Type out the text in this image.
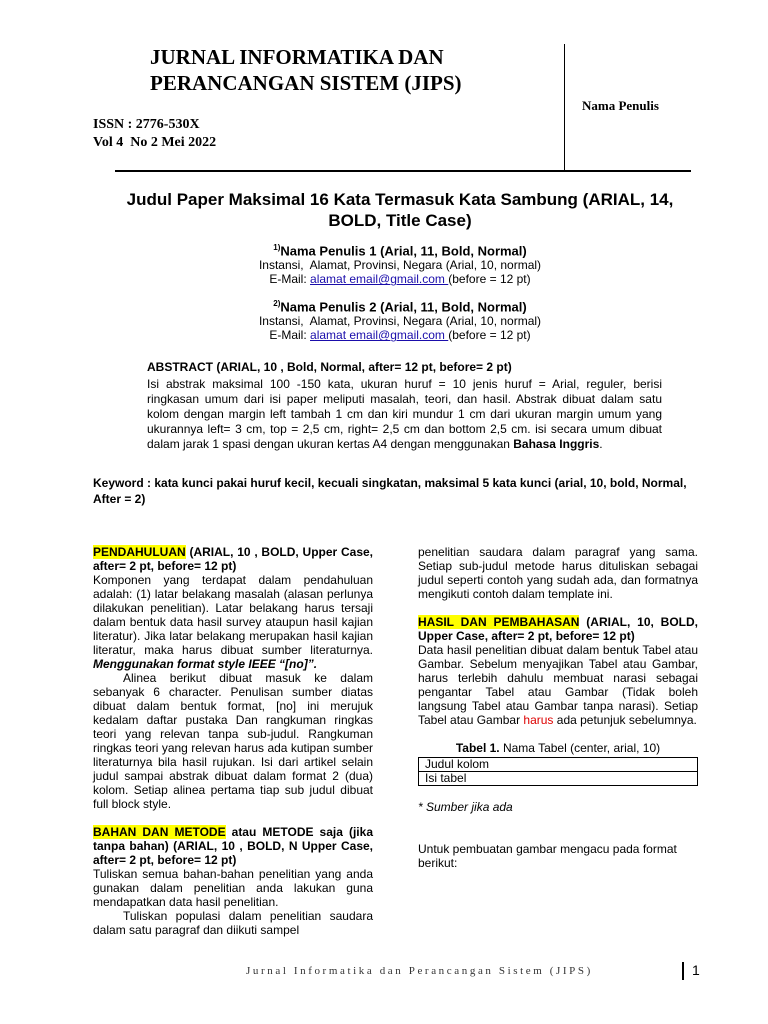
JURNAL INFORMATIKA DAN
PERANCANGAN SISTEM (JIPS)
ISSN : 2776-530X
Vol 4  No 2 Mei 2022
Nama Penulis
Judul Paper Maksimal 16 Kata Termasuk Kata Sambung (ARIAL, 14, BOLD, Title Case)
$^{1)}$Nama Penulis 1 (Arial, 11, Bold, Normal)
Instansi,  Alamat, Provinsi, Negara (Arial, 10, normal)
E-Mail: alamat email@gmail.com (before = 12 pt)
$^{2)}$Nama Penulis 2 (Arial, 11, Bold, Normal)
Instansi,  Alamat, Provinsi, Negara (Arial, 10, normal)
E-Mail: alamat email@gmail.com (before = 12 pt)
ABSTRACT (ARIAL, 10 , Bold, Normal, after= 12 pt, before= 2 pt)
Isi abstrak maksimal 100 -150 kata, ukuran huruf = 10 jenis huruf = Arial, reguler, berisi ringkasan umum dari isi paper meliputi masalah, teori, dan hasil. Abstrak dibuat dalam satu kolom dengan margin left tambah 1 cm dan kiri mundur 1 cm dari ukuran margin umum yang ukurannya left= 3 cm, top = 2,5 cm, right= 2,5 cm dan bottom 2,5 cm. isi secara umum dibuat dalam jarak 1 spasi dengan ukuran kertas A4 dengan menggunakan Bahasa Inggris.
Keyword : kata kunci pakai huruf kecil, kecuali singkatan, maksimal 5 kata kunci (arial, 10, bold, Normal, After = 2)

PENDAHULUAN (ARIAL, 10 , BOLD, Upper Case, after= 2 pt, before= 12 pt)

Komponen yang terdapat dalam pendahuluan adalah: (1) latar belakang masalah (alasan perlunya dilakukan penelitian). Latar belakang harus tersaji dalam bentuk data hasil survey ataupun hasil kajian literatur). Jika latar belakang merupakan hasil kajian literatur, maka harus dibuat sumber literaturnya. Menggunakan format style IEEE “[no]”.

Alinea berikut dibuat masuk ke dalam sebanyak 6 character. Penulisan sumber diatas dibuat dalam bentuk format, [no] ini merujuk kedalam daftar pustaka Dan rangkuman ringkas teori yang relevan tanpa sub-judul. Rangkuman ringkas teori yang relevan harus ada kutipan sumber literaturnya bila hasil rujukan. Isi dari artikel selain judul sampai abstrak dibuat dalam format 2 (dua) kolom. Setiap alinea pertama tiap sub judul dibuat full block style.

BAHAN DAN METODE atau METODE saja (jika tanpa bahan) (ARIAL, 10 , BOLD, N Upper Case, after= 2 pt, before= 12 pt)

Tuliskan semua bahan-bahan penelitian yang anda gunakan dalam penelitian anda lakukan guna mendapatkan data hasil penelitian.

Tuliskan populasi dalam penelitian saudara dalam satu paragraf dan diikuti sampel

penelitian saudara dalam paragraf yang sama. Setiap sub-judul metode harus dituliskan sebagai judul seperti contoh yang sudah ada, dan formatnya mengikuti contoh dalam template ini.

HASIL DAN PEMBAHASAN (ARIAL, 10, BOLD, Upper Case, after= 2 pt, before= 12 pt)

Data hasil penelitian dibuat dalam bentuk Tabel atau Gambar. Sebelum menyajikan Tabel atau Gambar, harus terlebih dahulu membuat narasi sebagai pengantar Tabel atau Gambar (Tidak boleh langsung Tabel atau Gambar tanpa narasi). Setiap Tabel atau Gambar harus ada petunjuk sebelumnya.

Tabel 1. Nama Tabel (center, arial, 10)

Judul kolom
Isi tabel

* Sumber jika ada

Untuk pembuatan gambar mengacu pada format berikut:

Jurnal Informatika dan Perancangan Sistem (JIPS)	1
